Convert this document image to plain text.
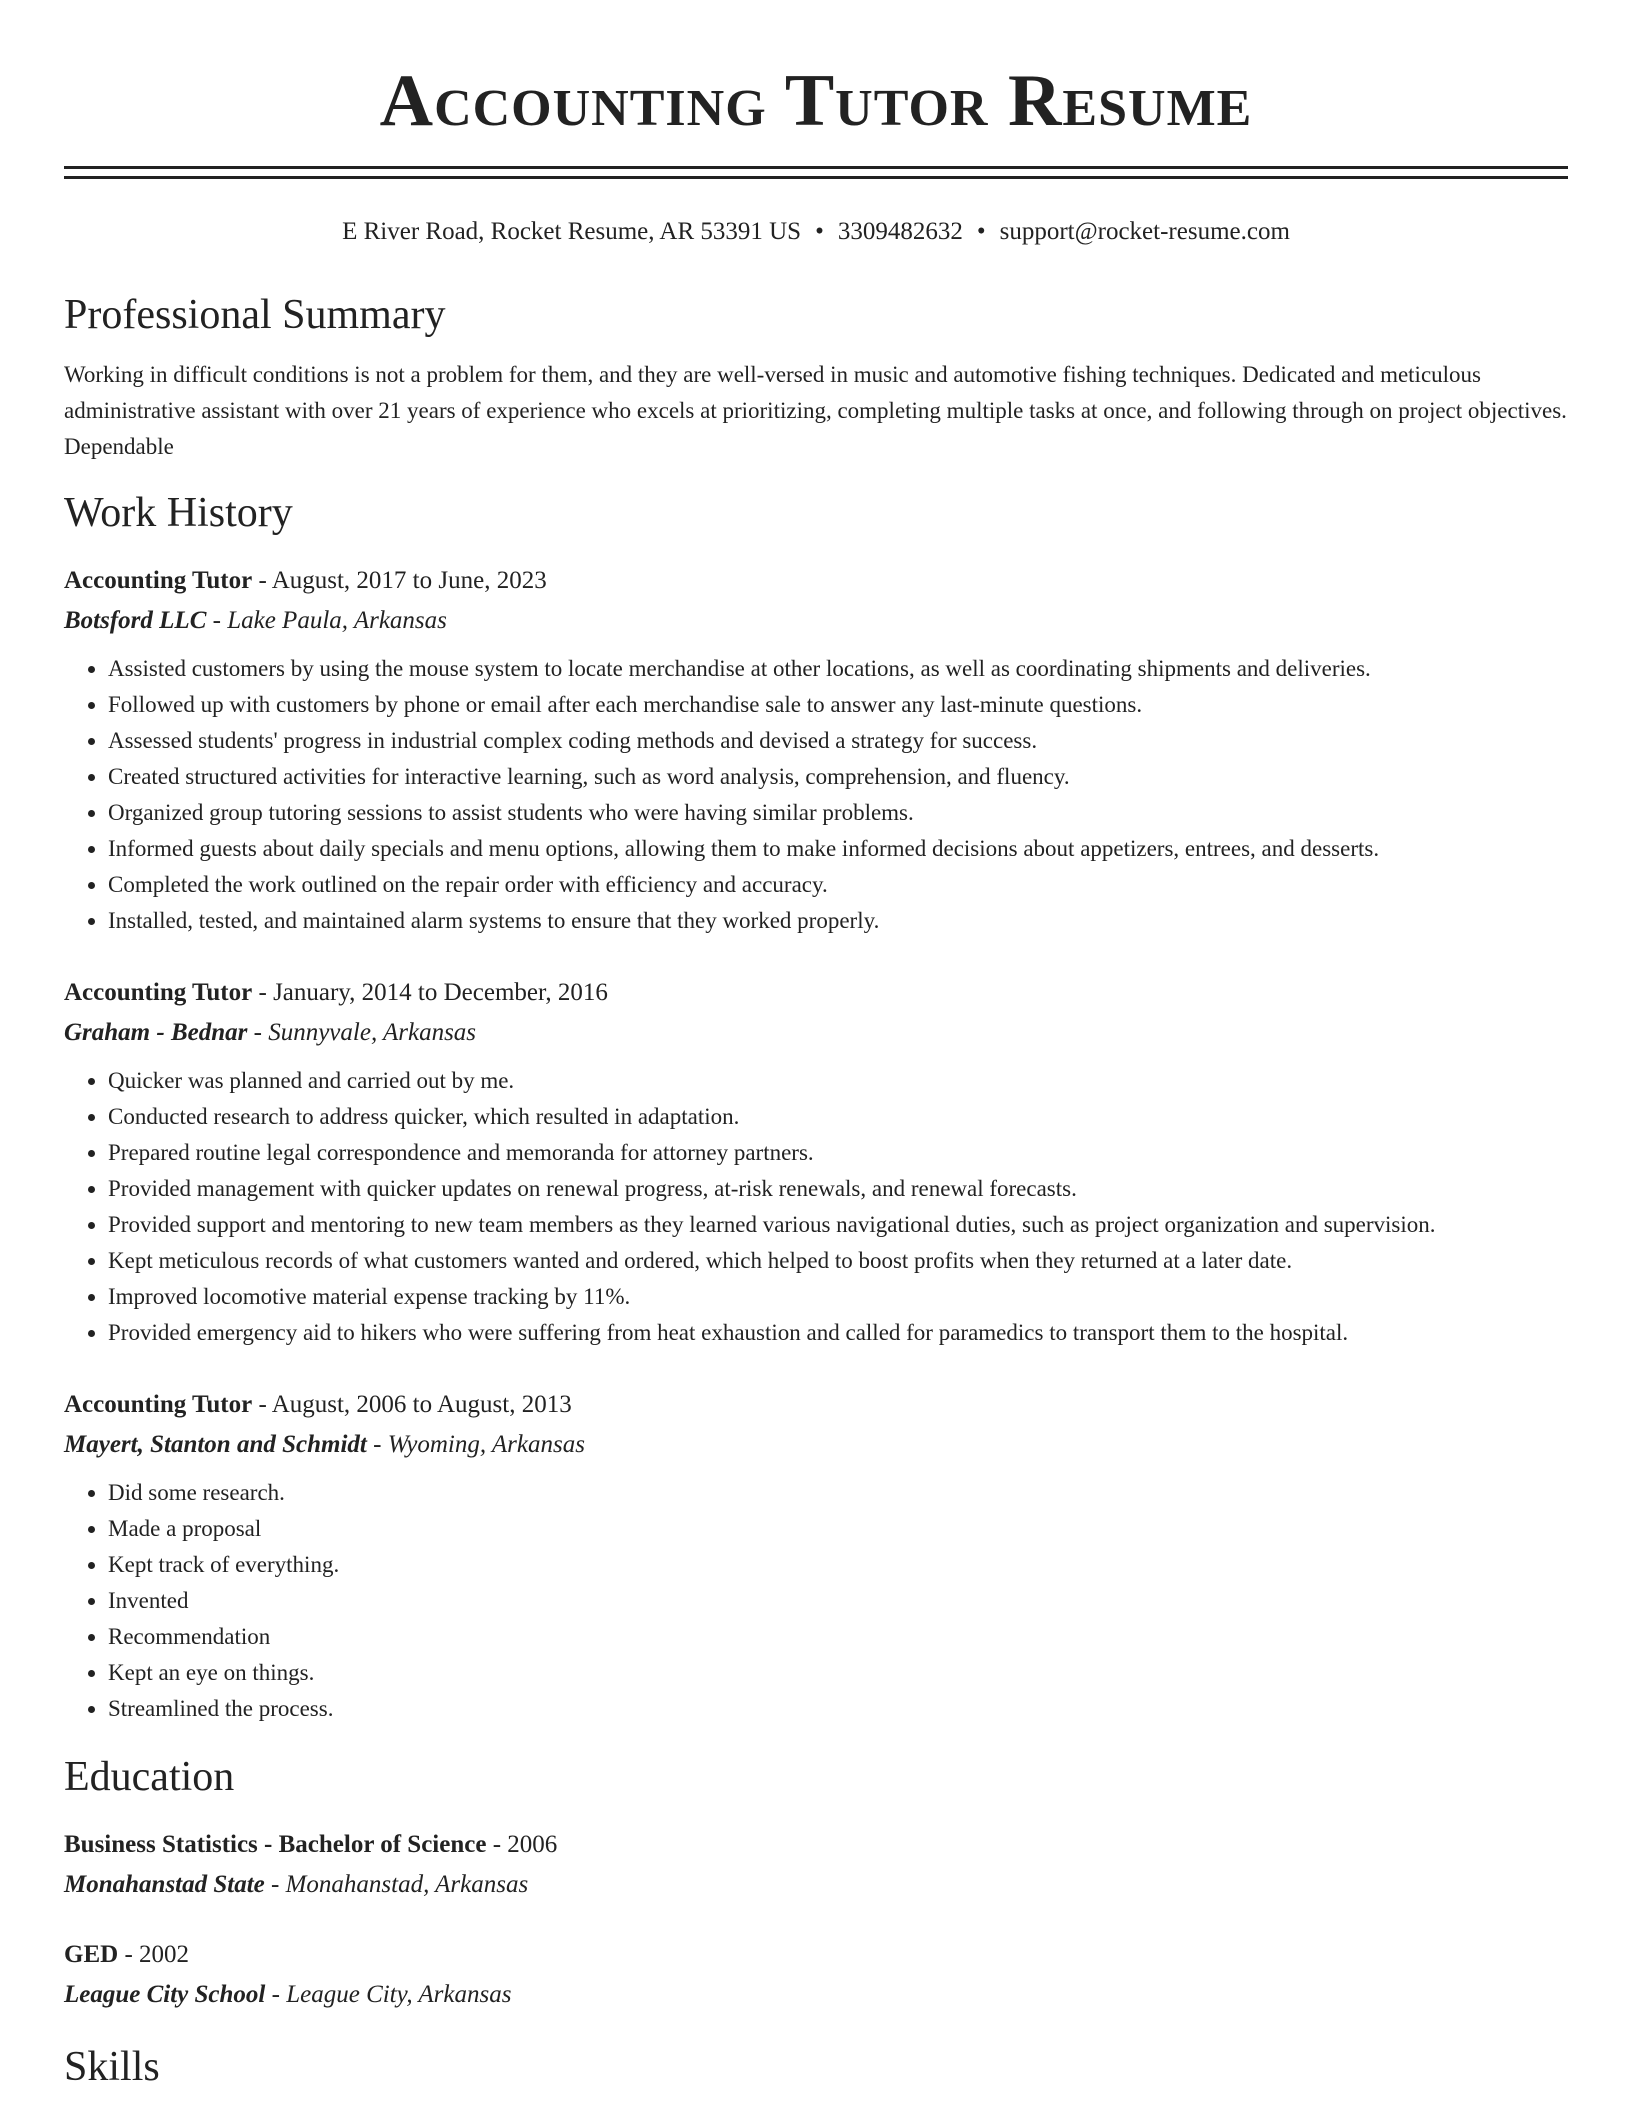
Accounting Tutor Resume
E River Road, Rocket Resume, AR 53391 US • 3309482632 • support@rocket-resume.com
Professional Summary

Working in difficult conditions is not a problem for them, and they are well-versed in music and automotive fishing techniques. Dedicated and meticulous administrative assistant with over 21 years of experience who excels at prioritizing, completing multiple tasks at once, and following through on project objectives. Dependable

Work History
Accounting Tutor - August, 2017 to June, 2023
Botsford LLC - Lake Paula, Arkansas
• Assisted customers by using the mouse system to locate merchandise at other locations, as well as coordinating shipments and deliveries.
• Followed up with customers by phone or email after each merchandise sale to answer any last-minute questions.
• Assessed students' progress in industrial complex coding methods and devised a strategy for success.
• Created structured activities for interactive learning, such as word analysis, comprehension, and fluency.
• Organized group tutoring sessions to assist students who were having similar problems.
• Informed guests about daily specials and menu options, allowing them to make informed decisions about appetizers, entrees, and desserts.
• Completed the work outlined on the repair order with efficiency and accuracy.
• Installed, tested, and maintained alarm systems to ensure that they worked properly.
Accounting Tutor - January, 2014 to December, 2016
Graham - Bednar - Sunnyvale, Arkansas
• Quicker was planned and carried out by me.
• Conducted research to address quicker, which resulted in adaptation.
• Prepared routine legal correspondence and memoranda for attorney partners.
• Provided management with quicker updates on renewal progress, at-risk renewals, and renewal forecasts.
• Provided support and mentoring to new team members as they learned various navigational duties, such as project organization and supervision.
• Kept meticulous records of what customers wanted and ordered, which helped to boost profits when they returned at a later date.
• Improved locomotive material expense tracking by 11%.
• Provided emergency aid to hikers who were suffering from heat exhaustion and called for paramedics to transport them to the hospital.
Accounting Tutor - August, 2006 to August, 2013
Mayert, Stanton and Schmidt - Wyoming, Arkansas
• Did some research.
• Made a proposal
• Kept track of everything.
• Invented
• Recommendation
• Kept an eye on things.
• Streamlined the process.
Education
Business Statistics - Bachelor of Science - 2006
Monahanstad State - Monahanstad, Arkansas
GED - 2002
League City School - League City, Arkansas
Skills
